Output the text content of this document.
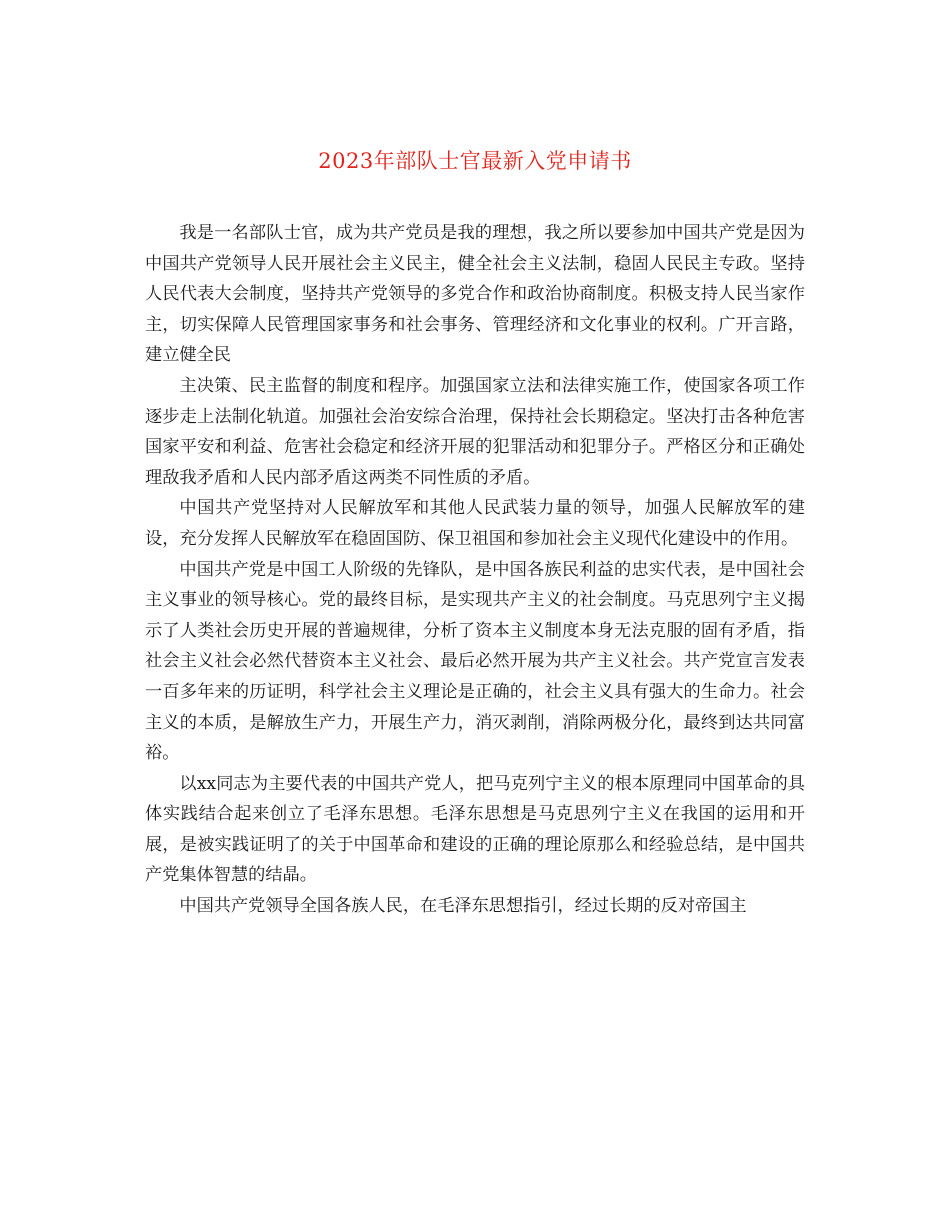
2023年部队士官最新入党申请书

我是一名部队士官，成为共产党员是我的理想，我之所以要参加中国共产党是因为中国共产党领导人民开展社会主义民主，健全社会主义法制，稳固人民民主专政。坚持人民代表大会制度，坚持共产党领导的多党合作和政治协商制度。积极支持人民当家作主，切实保障人民管理国家事务和社会事务、管理经济和文化事业的权利。广开言路，建立健全民

主决策、民主监督的制度和程序。加强国家立法和法律实施工作，使国家各项工作逐步走上法制化轨道。加强社会治安综合治理，保持社会长期稳定。坚决打击各种危害国家平安和利益、危害社会稳定和经济开展的犯罪活动和犯罪分子。严格区分和正确处理敌我矛盾和人民内部矛盾这两类不同性质的矛盾。

中国共产党坚持对人民解放军和其他人民武装力量的领导，加强人民解放军的建设，充分发挥人民解放军在稳固国防、保卫祖国和参加社会主义现代化建设中的作用。

中国共产党是中国工人阶级的先锋队，是中国各族民利益的忠实代表，是中国社会主义事业的领导核心。党的最终目标，是实现共产主义的社会制度。马克思列宁主义揭示了人类社会历史开展的普遍规律，分析了资本主义制度本身无法克服的固有矛盾，指社会主义社会必然代替资本主义社会、最后必然开展为共产主义社会。共产党宣言发表一百多年来的历证明，科学社会主义理论是正确的，社会主义具有强大的生命力。社会主义的本质，是解放生产力，开展生产力，消灭剥削，消除两极分化，最终到达共同富裕。

以xx同志为主要代表的中国共产党人，把马克列宁主义的根本原理同中国革命的具体实践结合起来创立了毛泽东思想。毛泽东思想是马克思列宁主义在我国的运用和开展，是被实践证明了的关于中国革命和建设的正确的理论原那么和经验总结，是中国共产党集体智慧的结晶。

中国共产党领导全国各族人民，在毛泽东思想指引，经过长期的反对帝国主
